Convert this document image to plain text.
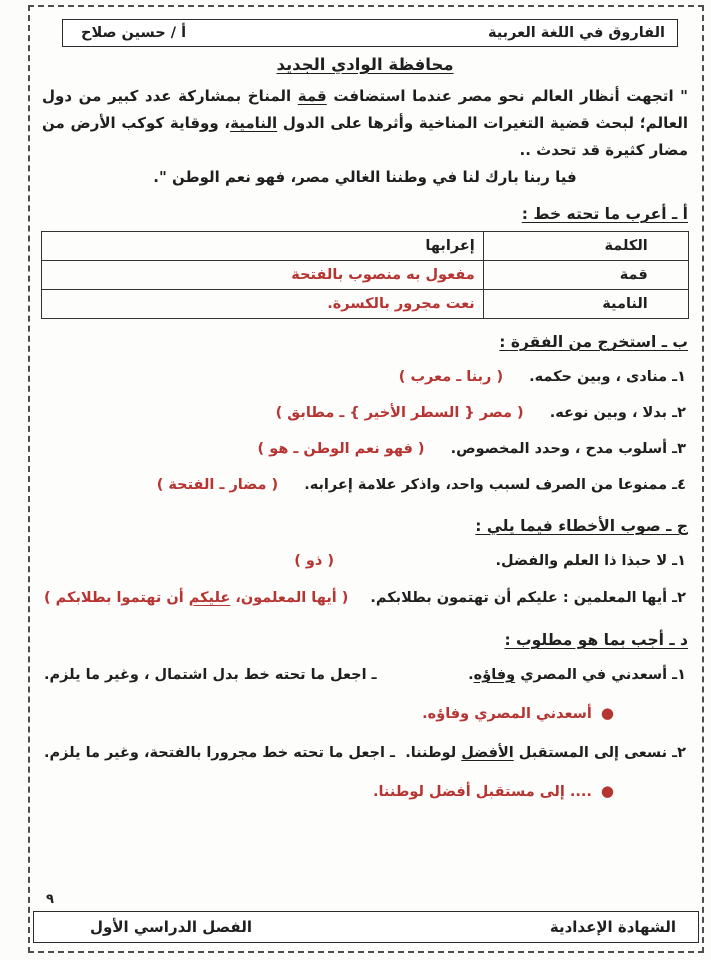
الفاروق في اللغة العربية
أ / حسين صلاح
محافظة الوادي الجديد
" اتجهت أنظار العالم نحو مصر عندما استضافت قمة المناخ بمشاركة عدد كبير من دول العالم؛ لبحث قضية التغيرات المناخية وأثرها على الدول النامية، ووقاية كوكب الأرض من مضار كثيرة قد تحدث ..
فيا ربنا بارك لنا في وطننا الغالي مصر، فهو نعم الوطن ".
أ ـ أعرب ما تحته خط :
الكلمة	إعرابها
قمة	مفعول به منصوب بالفتحة
النامية	نعت مجرور بالكسرة.
ب ـ استخرج من الفقرة :
١ـ منادى ، وبين حكمه.( ربنا ـ معرب )
٢ـ بدلا ، وبين نوعه.( مصر { السطر الأخير } ـ مطابق )
٣ـ أسلوب مدح ، وحدد المخصوص.( فهو نعم الوطن ـ هو )
٤ـ ممنوعا من الصرف لسبب واحد، واذكر علامة إعرابه.( مضار ـ الفتحة )
ج ـ صوب الأخطاء فيما يلي :
١ـ لا حبذا ذا العلم والفضل.
( ذو )
٢ـ أيها المعلمين : عليكم أن تهتمون بطلابكم.
( أيها المعلمون، عليكم أن تهتموا بطلابكم )
د ـ أجب بما هو مطلوب :
١ـ أسعدني في المصري وفاؤه.
ـ اجعل ما تحته خط بدل اشتمال ، وغير ما يلزم.
●أسعدني المصري وفاؤه.
٢ـ نسعى إلى المستقبل الأفضل لوطننا.
ـ اجعل ما تحته خط مجرورا بالفتحة، وغير ما يلزم.
●.... إلى مستقبل أفضل لوطننا.
٩
الشهادة الإعدادية
الفصل الدراسي الأول
